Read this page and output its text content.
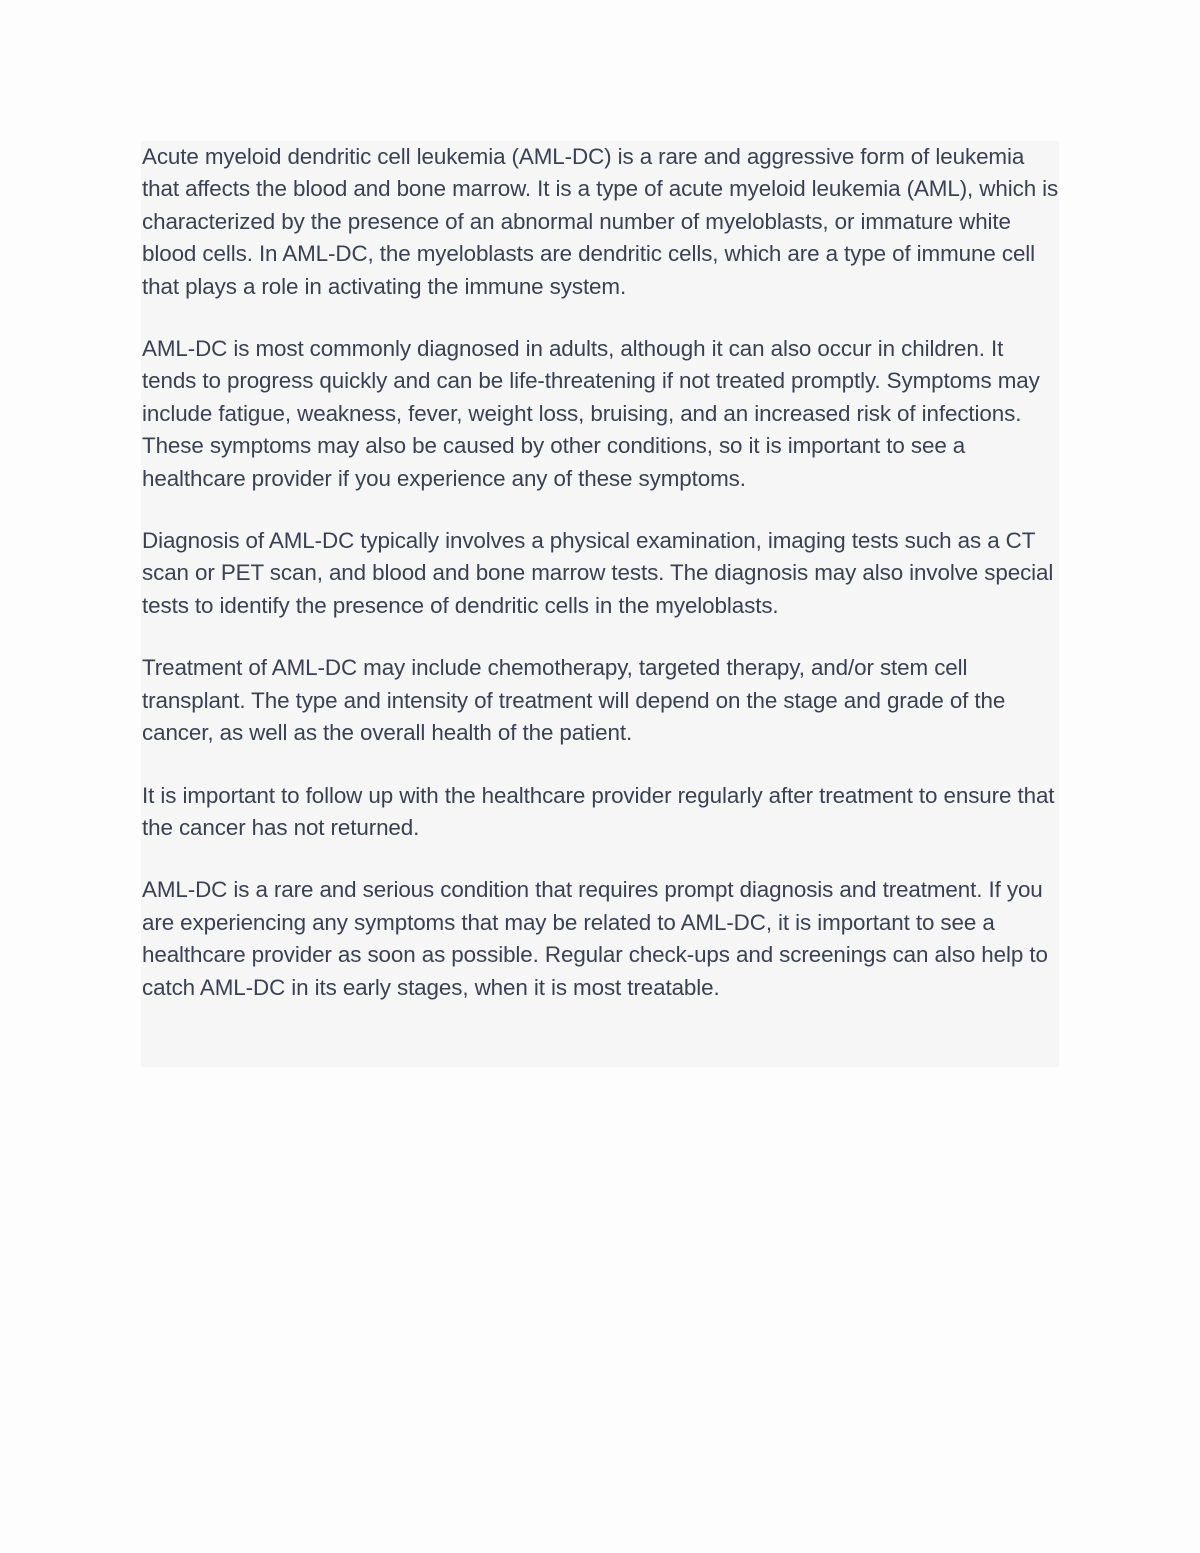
Acute myeloid dendritic cell leukemia (AML-DC) is a rare and aggressive form of leukemia that affects the blood and bone marrow. It is a type of acute myeloid leukemia (AML), which is characterized by the presence of an abnormal number of myeloblasts, or immature white blood cells. In AML-DC, the myeloblasts are dendritic cells, which are a type of immune cell that plays a role in activating the immune system.

AML-DC is most commonly diagnosed in adults, although it can also occur in children. It tends to progress quickly and can be life-threatening if not treated promptly. Symptoms may include fatigue, weakness, fever, weight loss, bruising, and an increased risk of infections. These symptoms may also be caused by other conditions, so it is important to see a healthcare provider if you experience any of these symptoms.

Diagnosis of AML-DC typically involves a physical examination, imaging tests such as a CT scan or PET scan, and blood and bone marrow tests. The diagnosis may also involve special tests to identify the presence of dendritic cells in the myeloblasts.

Treatment of AML-DC may include chemotherapy, targeted therapy, and/or stem cell transplant. The type and intensity of treatment will depend on the stage and grade of the cancer, as well as the overall health of the patient.

It is important to follow up with the healthcare provider regularly after treatment to ensure that the cancer has not returned.

AML-DC is a rare and serious condition that requires prompt diagnosis and treatment. If you are experiencing any symptoms that may be related to AML-DC, it is important to see a healthcare provider as soon as possible. Regular check-ups and screenings can also help to catch AML-DC in its early stages, when it is most treatable.
